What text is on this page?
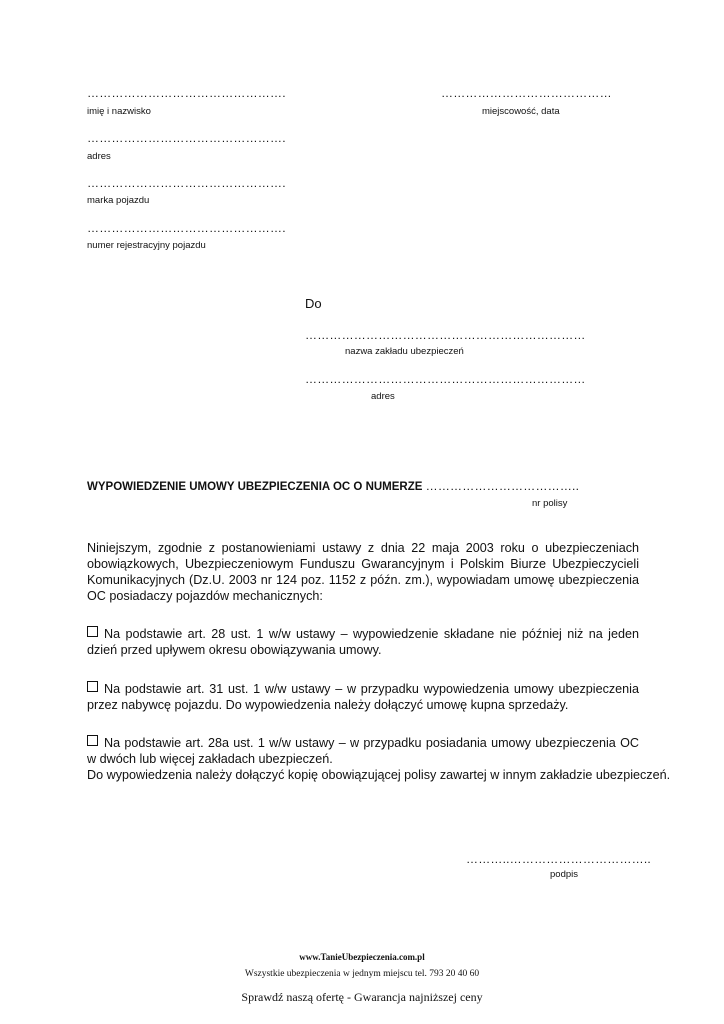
………………………………………….
imię i nazwisko
………………………………………….
adres
………………………………………….
marka pojazdu
………………………………………….
numer rejestracyjny pojazdu
……………………………………
miejscowość, data
Do
……………………………………………………………
nazwa zakładu ubezpieczeń
……………………………………………………………
adres
WYPOWIEDZENIE UMOWY UBEZPIECZENIA OC O NUMERZE ………………………………..
nr polisy
Niniejszym, zgodnie z postanowieniami ustawy z dnia 22 maja 2003 roku o ubezpieczeniach obowiązkowych, Ubezpieczeniowym Funduszu Gwarancyjnym i Polskim Biurze Ubezpieczycieli Komunikacyjnych (Dz.U. 2003 nr 124 poz. 1152 z późn. zm.), wypowiadam umowę ubezpieczenia OC posiadaczy pojazdów mechanicznych:

Na podstawie art. 28 ust. 1 w/w ustawy – wypowiedzenie składane nie później niż na jeden dzień przed upływem okresu obowiązywania umowy.

Na podstawie art. 31 ust. 1 w/w ustawy – w przypadku wypowiedzenia umowy ubezpieczenia przez nabywcę pojazdu. Do wypowiedzenia należy dołączyć umowę kupna sprzedaży.

Na podstawie art. 28a ust. 1 w/w ustawy – w przypadku posiadania umowy ubezpieczenia OC w dwóch lub więcej zakładach ubezpieczeń.

Do wypowiedzenia należy dołączyć kopię obowiązującej polisy zawartej w innym zakładzie ubezpieczeń.

………..……………………………..
podpis
www.TanieUbezpieczenia.com.pl
Wszystkie ubezpieczenia w jednym miejscu tel. 793 20 40 60
Sprawdź naszą ofertę - Gwarancja najniższej ceny
